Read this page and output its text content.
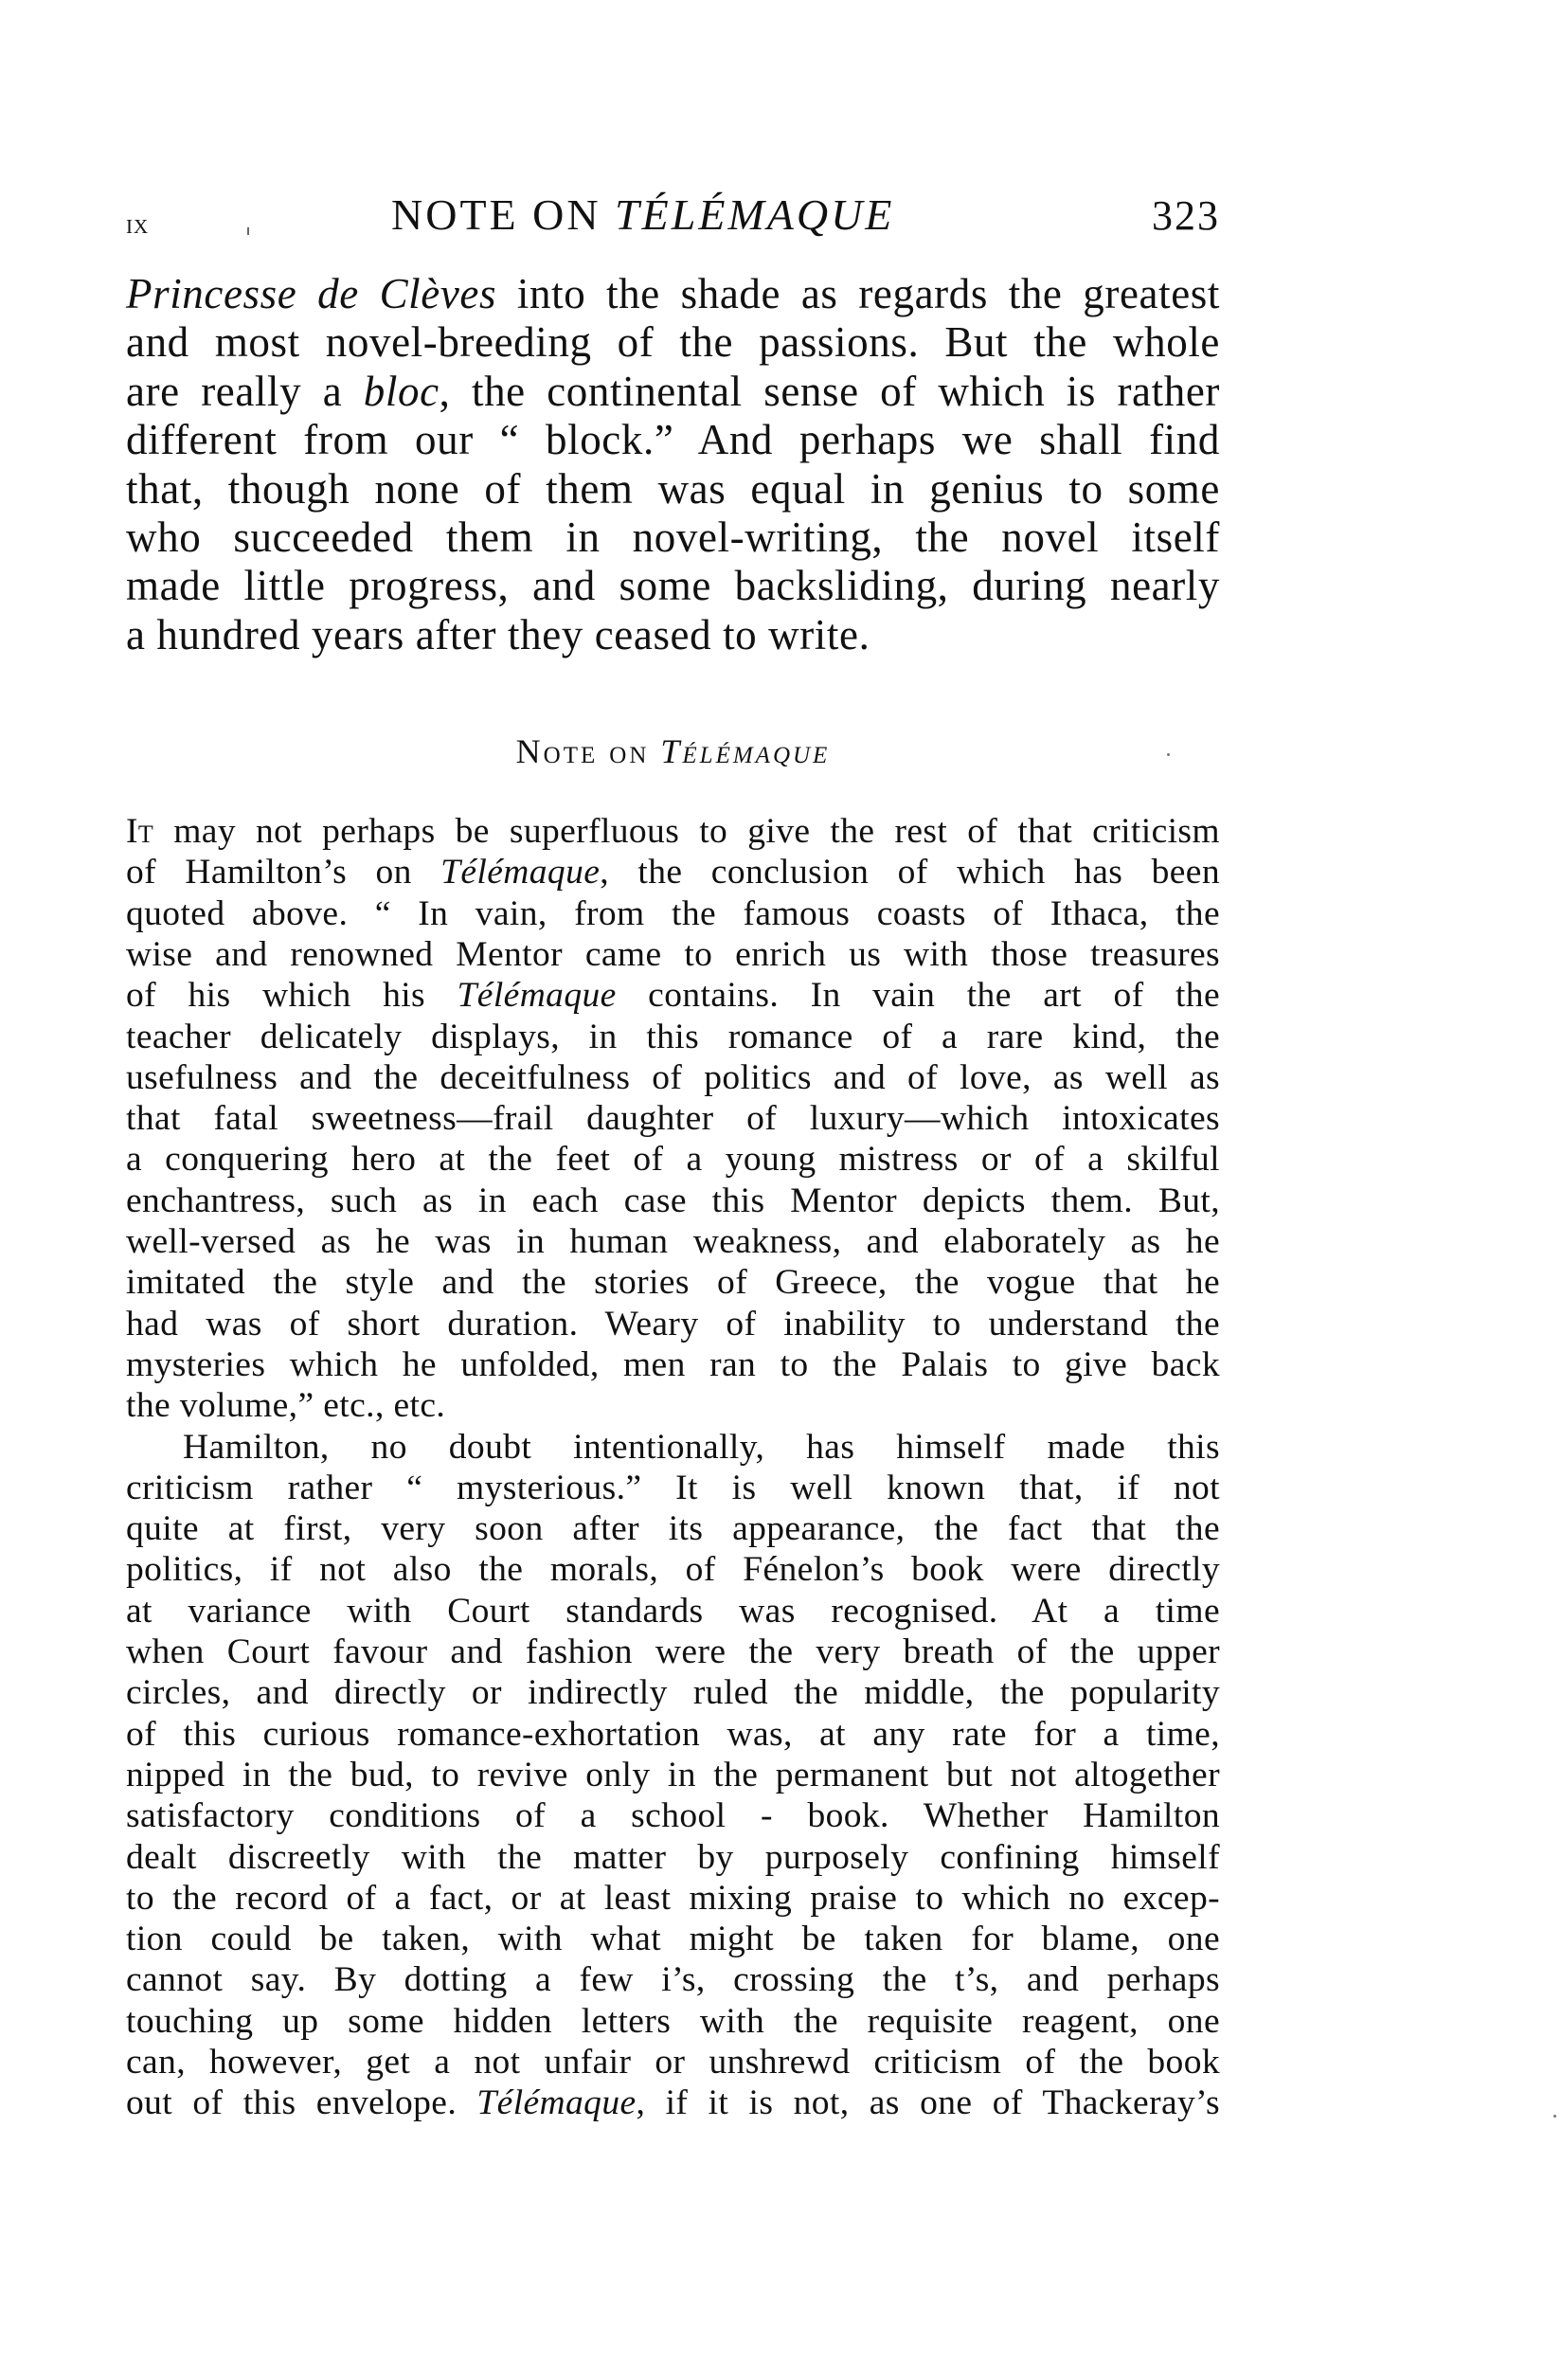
ix	NOTE ON TÉLÉMAQUE	323
Princesse de Clèves into the shade as regards the greatest
and most novel-breeding of the passions. But the whole
are really a bloc, the continental sense of which is rather
different from our “ block.” And perhaps we shall find
that, though none of them was equal in genius to some
who succeeded them in novel-writing, the novel itself
made little progress, and some backsliding, during nearly
a hundred years after they ceased to write.
Note on Télémaque
It may not perhaps be superfluous to give the rest of that criticism
of Hamilton’s on Télémaque, the conclusion of which has been
quoted above. “ In vain, from the famous coasts of Ithaca, the
wise and renowned Mentor came to enrich us with those treasures
of his which his Télémaque contains. In vain the art of the
teacher delicately displays, in this romance of a rare kind, the
usefulness and the deceitfulness of politics and of love, as well as
that fatal sweetness—frail daughter of luxury—which intoxicates
a conquering hero at the feet of a young mistress or of a skilful
enchantress, such as in each case this Mentor depicts them. But,
well-versed as he was in human weakness, and elaborately as he
imitated the style and the stories of Greece, the vogue that he
had was of short duration. Weary of inability to understand the
mysteries which he unfolded, men ran to the Palais to give back
the volume,” etc., etc.
Hamilton, no doubt intentionally, has himself made this
criticism rather “ mysterious.” It is well known that, if not
quite at first, very soon after its appearance, the fact that the
politics, if not also the morals, of Fénelon’s book were directly
at variance with Court standards was recognised. At a time
when Court favour and fashion were the very breath of the upper
circles, and directly or indirectly ruled the middle, the popularity
of this curious romance-exhortation was, at any rate for a time,
nipped in the bud, to revive only in the permanent but not altogether
satisfactory conditions of a school - book. Whether Hamilton
dealt discreetly with the matter by purposely confining himself
to the record of a fact, or at least mixing praise to which no excep-
tion could be taken, with what might be taken for blame, one
cannot say. By dotting a few i’s, crossing the t’s, and perhaps
touching up some hidden letters with the requisite reagent, one
can, however, get a not unfair or unshrewd criticism of the book
out of this envelope. Télémaque, if it is not, as one of Thackeray’s
